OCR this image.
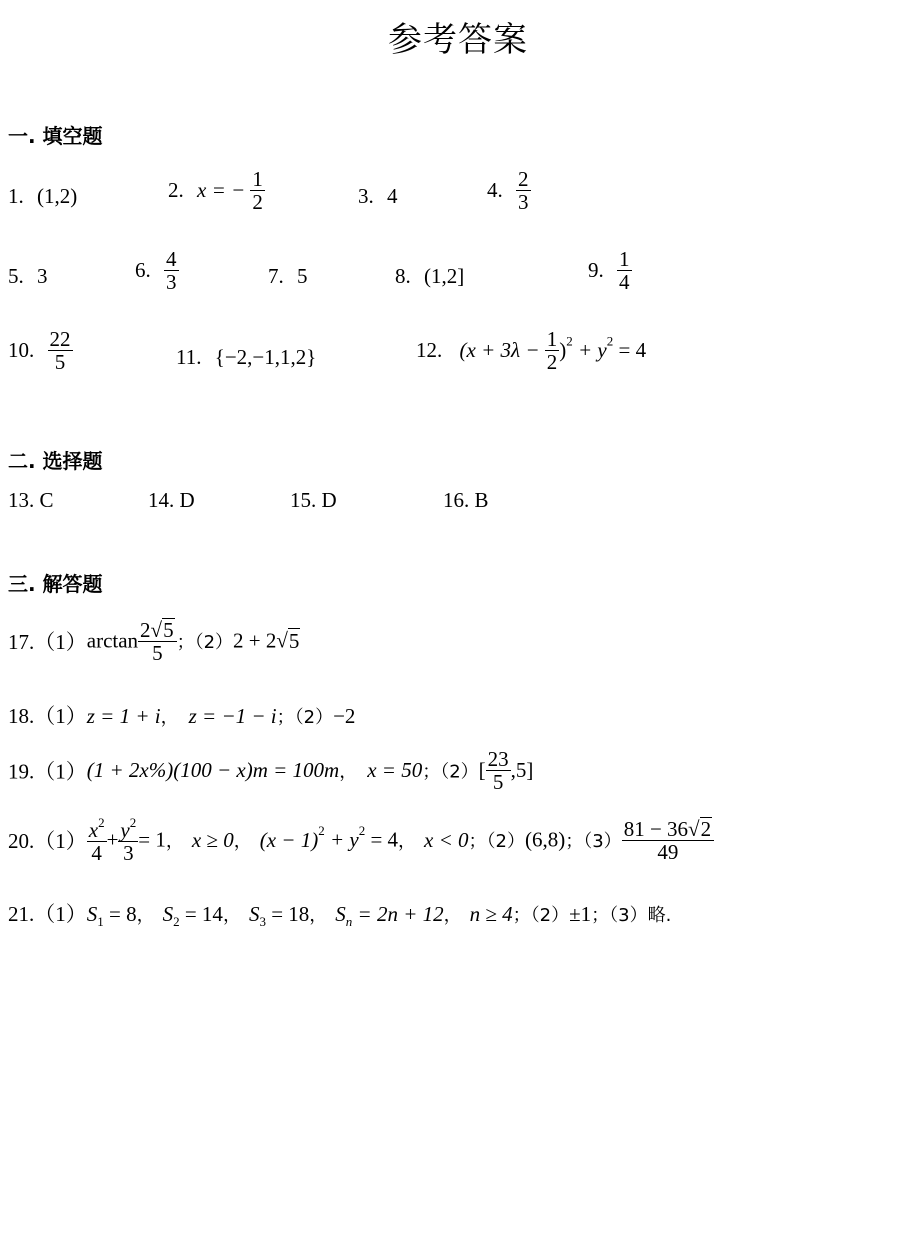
参考答案
一. 填空题
1. (1,2)	2. x = − $\frac{1}{2}$	3. 4	4. $\frac{2}{3}$
5. 3	6. $\frac{4}{3}$	7. 5	8. (1,2]	9. $\frac{1}{4}$
10. $\frac{22}{5}$	11. {−2,−1,1,2}	12. $(x + 3\lambda - \frac{1}{2} )^2 + y^2 = 4$
二. 选择题
13. C	14. D	15. D	16. B
三. 解答题
$17.(1)\arctan \frac{2√5}{5}$ ；（2）2 + 2√5
18.（1）z = 1 + i， z = −1 − i；（2）−2
19.（1）(1 + 2x%)(100 − x)m = 100m， x = 50；$(2)[ \frac{23}{5} ,5]$
$20.(1) \frac{x^2}{4} + \frac{y^2}{3} = 1$， x ≥ 0， $(x - 1)^2 + y^2 = 4$， x < 0；（2）(6,8)；$(3) \frac{81 - 36√2}{49}$
$21.(1)S_1 = 8$， $S_2 = 14$， $S_3 = 18$， $S_n = 2n + 12$， n ≥ 4；（2）±1；（3）略.
